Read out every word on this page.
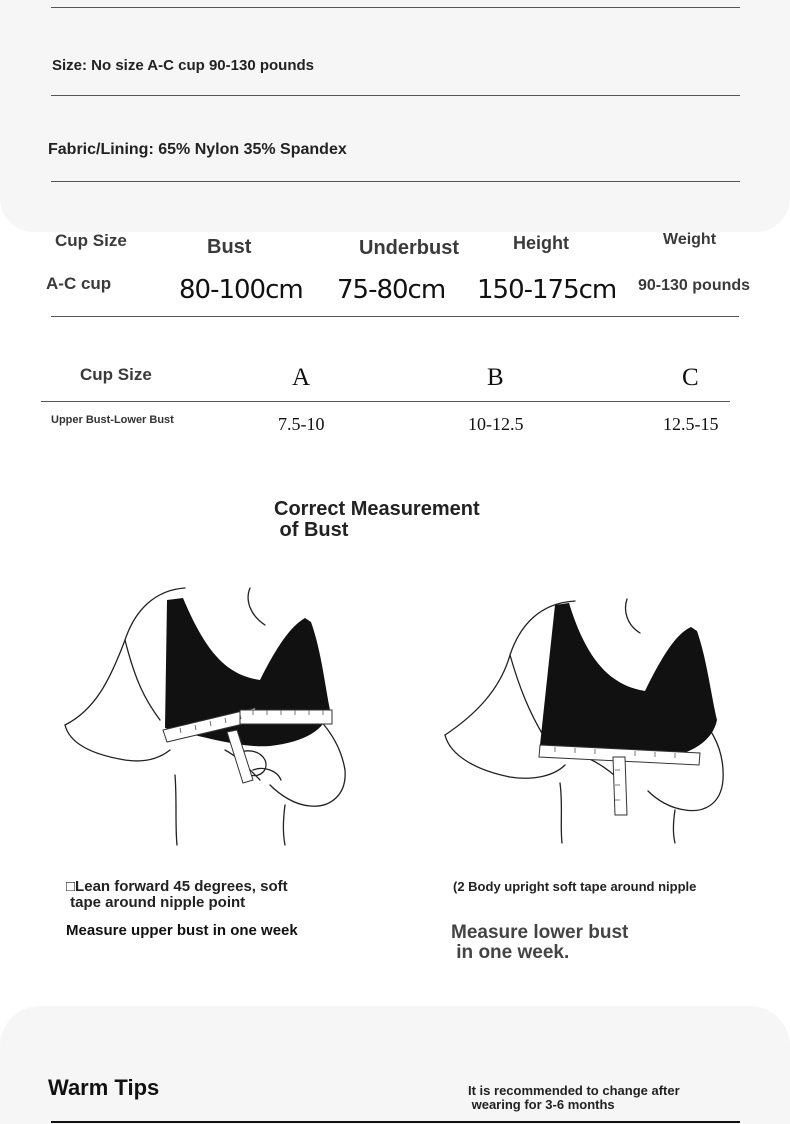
Size: No size A-C cup 90-130 pounds
Fabric/Lining: 65% Nylon 35% Spandex
Cup Size	Bust	Underbust	Height	Weight
A-C cup	80-100cm 75-80cm 150-175cm 90-130 pounds
Cup Size	A	B	C
Upper Bust-Lower Bust	7.5-10	10-12.5	12.5-15
Correct Measurement
of Bust
□Lean forward 45 degrees, soft
tape around nipple point
Measure upper bust in one week
(2 Body upright soft tape around nipple
Measure lower bust
in one week.
Warm Tips	It is recommended to change after
wearing for 3-6 months
